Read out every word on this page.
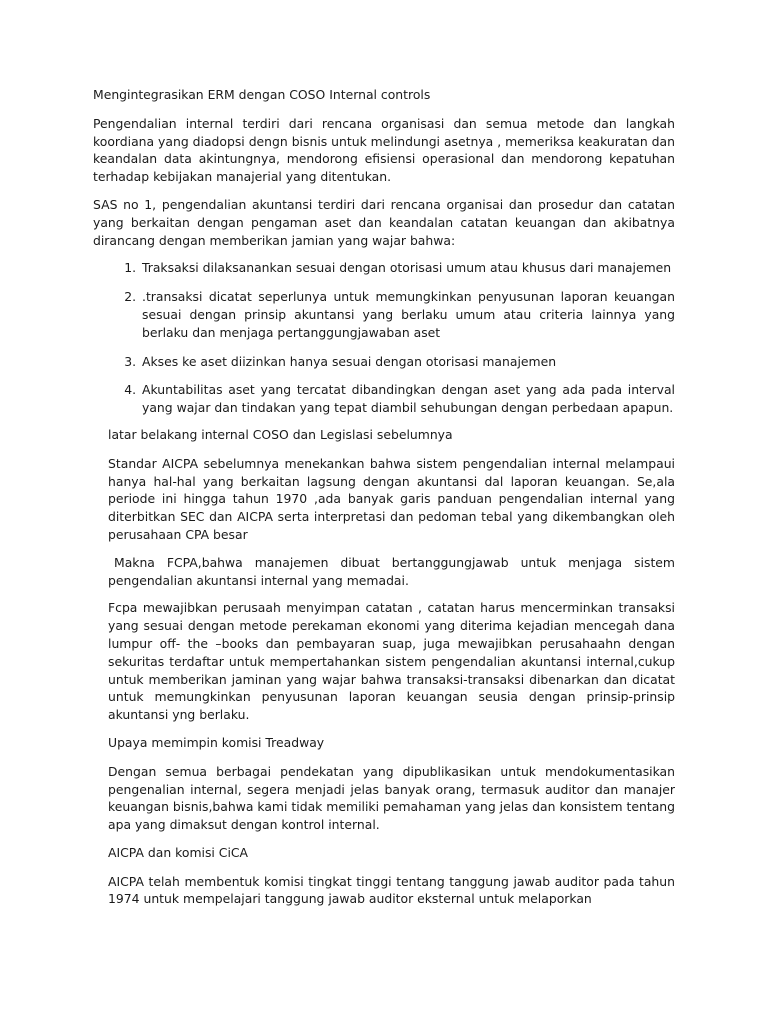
Mengintegrasikan ERM dengan COSO Internal controls

Pengendalian internal terdiri dari rencana organisasi dan semua metode dan langkah koordiana yang diadopsi dengn bisnis untuk melindungi asetnya , memeriksa keakuratan dan keandalan data akintungnya, mendorong efisiensi operasional dan mendorong kepatuhan terhadap kebijakan manajerial yang ditentukan.

SAS no 1, pengendalian akuntansi terdiri dari rencana organisai dan prosedur dan catatan yang berkaitan dengan pengaman aset dan keandalan catatan keuangan dan akibatnya dirancang dengan memberikan jamian yang wajar bahwa:

1. Traksaksi dilaksanankan sesuai dengan otorisasi umum atau khusus dari manajemen
2. .transaksi dicatat seperlunya untuk memungkinkan penyusunan laporan keuangan sesuai dengan prinsip akuntansi yang berlaku umum atau criteria lainnya yang berlaku dan menjaga pertanggungjawaban aset
3. Akses ke aset diizinkan hanya sesuai dengan otorisasi manajemen
4. Akuntabilitas aset yang tercatat dibandingkan dengan aset yang ada pada interval yang wajar dan tindakan yang tepat diambil sehubungan dengan perbedaan apapun.

latar belakang internal COSO dan Legislasi sebelumnya

Standar AICPA sebelumnya menekankan bahwa sistem pengendalian internal melampaui hanya hal-hal yang berkaitan lagsung dengan akuntansi dal laporan keuangan. Se,ala periode ini hingga tahun 1970 ,ada banyak garis panduan pengendalian internal yang diterbitkan SEC dan AICPA serta interpretasi dan pedoman tebal yang dikembangkan oleh perusahaan CPA besar

Makna FCPA,bahwa manajemen dibuat bertanggungjawab untuk menjaga sistem pengendalian akuntansi internal yang memadai.

Fcpa mewajibkan perusaah menyimpan catatan , catatan harus mencerminkan transaksi yang sesuai dengan metode perekaman ekonomi yang diterima kejadian mencegah dana lumpur off- the –books dan pembayaran suap, juga mewajibkan perusahaahn dengan sekuritas terdaftar untuk mempertahankan sistem pengendalian akuntansi internal,cukup untuk memberikan jaminan yang wajar bahwa transaksi-transaksi dibenarkan dan dicatat untuk memungkinkan penyusunan laporan keuangan seusia dengan prinsip-prinsip akuntansi yng berlaku.

Upaya memimpin komisi Treadway

Dengan semua berbagai pendekatan yang dipublikasikan untuk mendokumentasikan pengenalian internal, segera menjadi jelas banyak orang, termasuk auditor dan manajer keuangan bisnis,bahwa kami tidak memiliki pemahaman yang jelas dan konsistem tentang apa yang dimaksut dengan kontrol internal.

AICPA dan komisi CiCA

AICPA telah membentuk komisi tingkat tinggi tentang tanggung jawab auditor pada tahun 1974 untuk mempelajari tanggung jawab auditor eksternal untuk melaporkan
